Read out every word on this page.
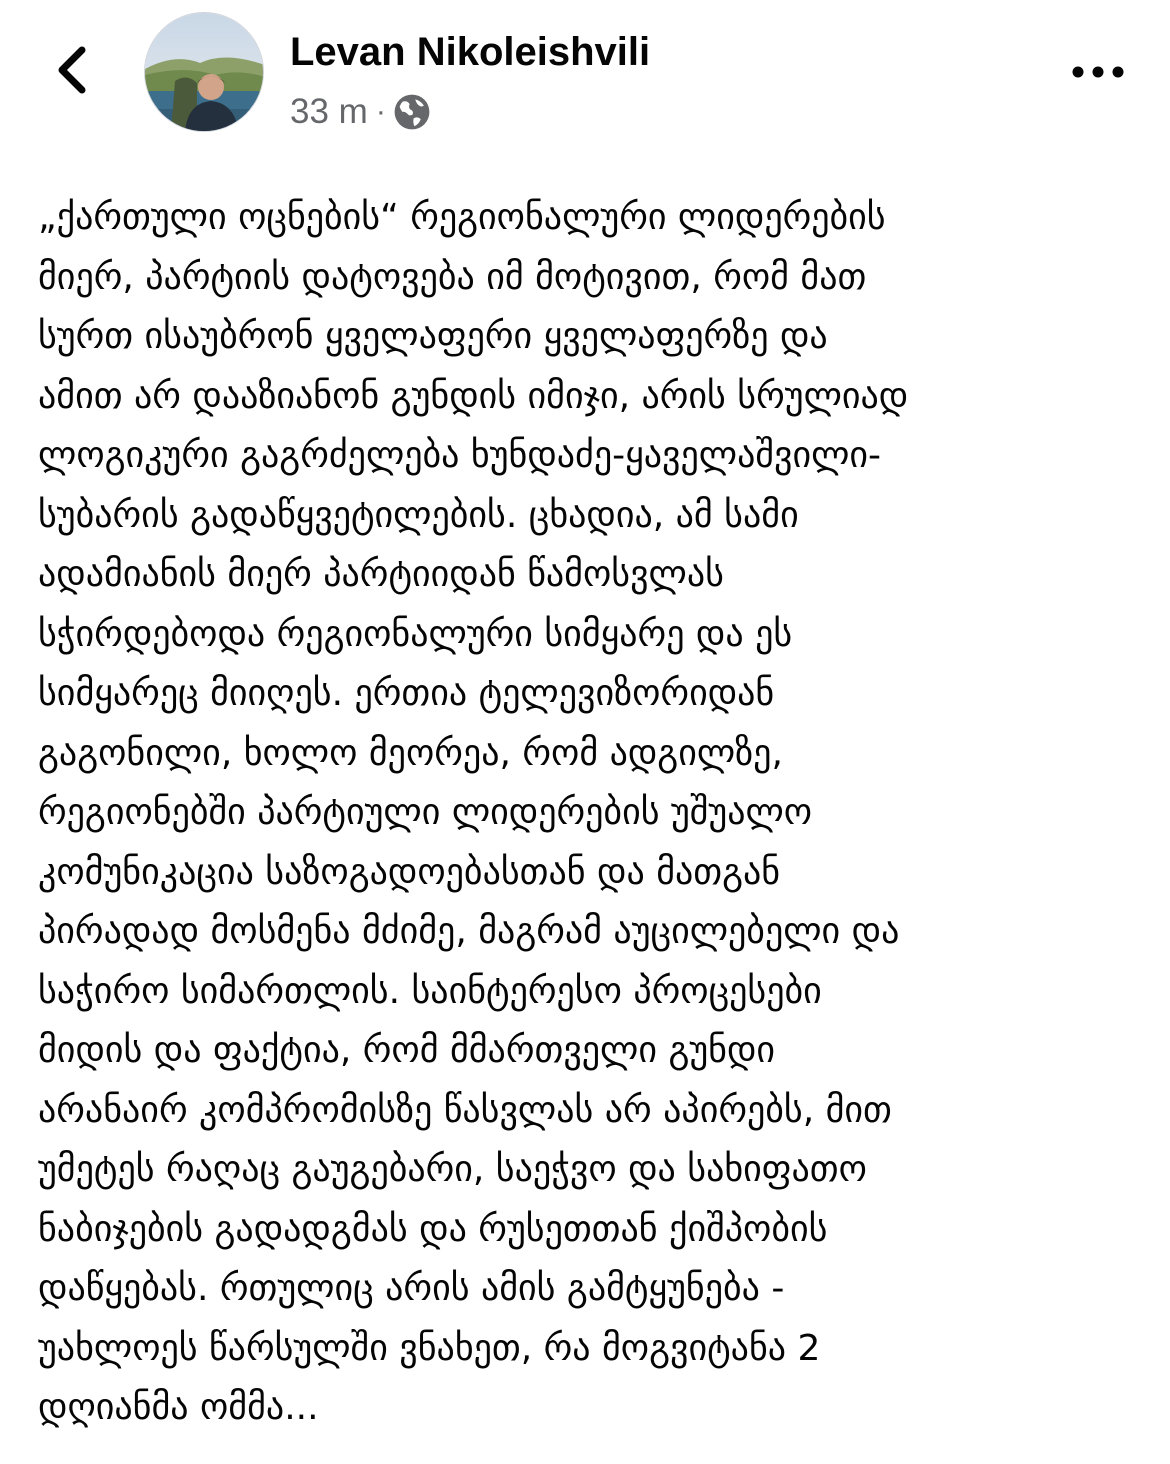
Levan Nikoleishvili
33 m ·
„ქართული ოცნების“ რეგიონალური ლიდერების
მიერ, პარტიის დატოვება იმ მოტივით, რომ მათ
სურთ ისაუბრონ ყველაფერი ყველაფერზე და
ამით არ დააზიანონ გუნდის იმიჯი, არის სრულიად
ლოგიკური გაგრძელება ხუნდაძე-ყაველაშვილი-
სუბარის გადაწყვეტილების. ცხადია, ამ სამი
ადამიანის მიერ პარტიიდან წამოსვლას
სჭირდებოდა რეგიონალური სიმყარე და ეს
სიმყარეც მიიღეს. ერთია ტელევიზორიდან
გაგონილი, ხოლო მეორეა, რომ ადგილზე,
რეგიონებში პარტიული ლიდერების უშუალო
კომუნიკაცია საზოგადოებასთან და მათგან
პირადად მოსმენა მძიმე, მაგრამ აუცილებელი და
საჭირო სიმართლის. საინტერესო პროცესები
მიდის და ფაქტია, რომ მმართველი გუნდი
არანაირ კომპრომისზე წასვლას არ აპირებს, მით
უმეტეს რაღაც გაუგებარი, საეჭვო და სახიფათო
ნაბიჯების გადადგმას და რუსეთთან ქიშპობის
დაწყებას. რთულიც არის ამის გამტყუნება -
უახლოეს წარსულში ვნახეთ, რა მოგვიტანა 2
დღიანმა ომმა...
